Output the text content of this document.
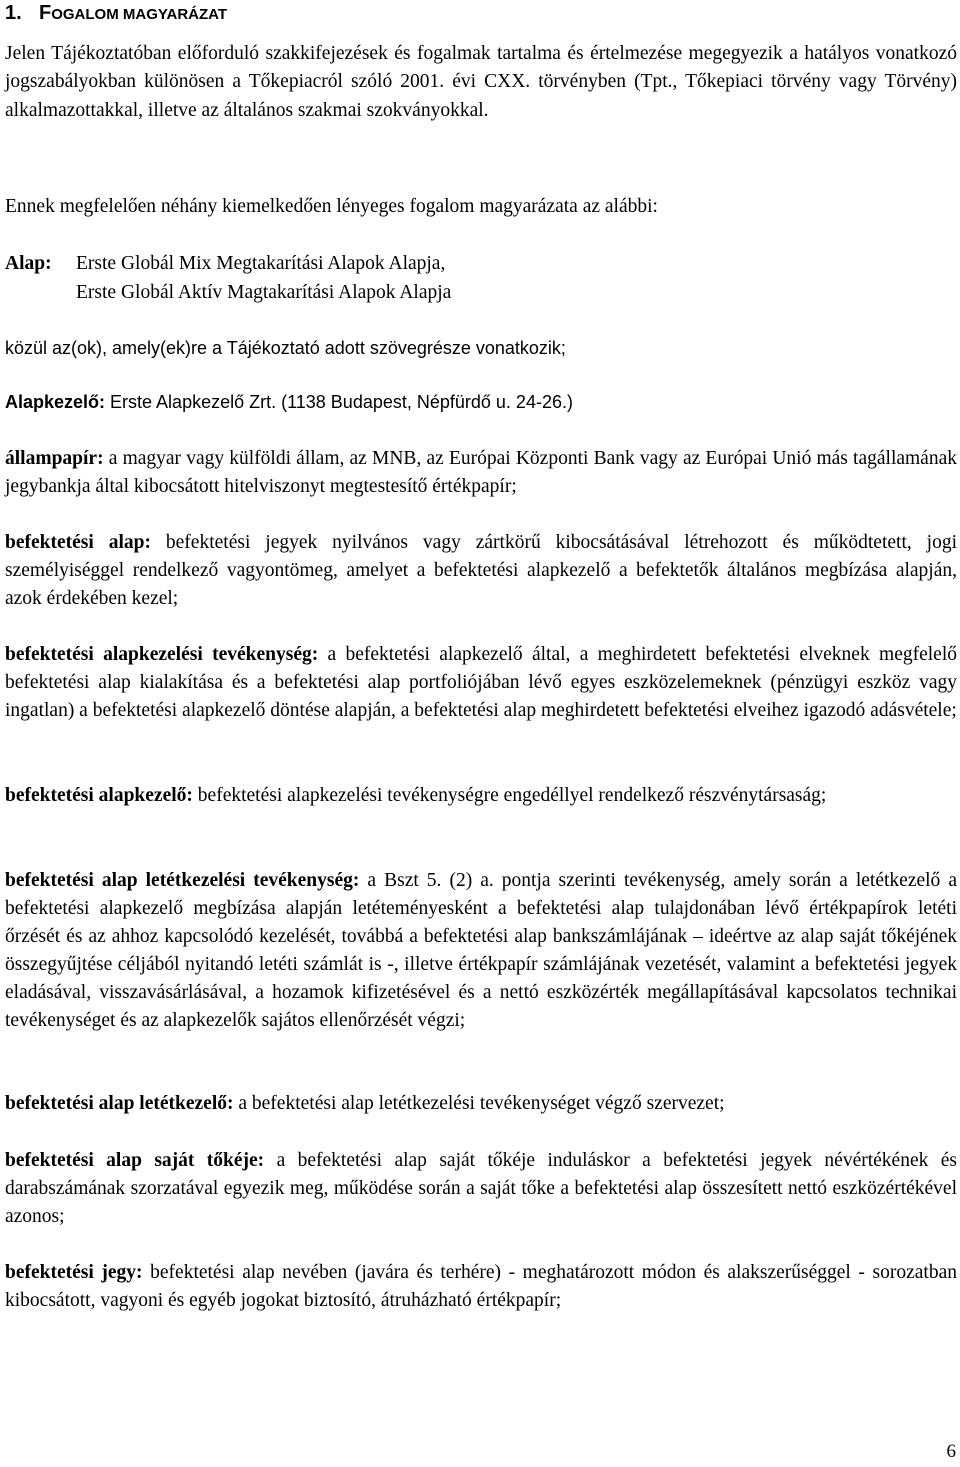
1. FOGALOM MAGYARÁZAT
Jelen Tájékoztatóban előforduló szakkifejezések és fogalmak tartalma és értelmezése megegyezik a hatályos vonatkozó jogszabályokban különösen a Tőkepiacról szóló 2001. évi CXX. törvényben (Tpt., Tőkepiaci törvény vagy Törvény) alkalmazottakkal, illetve az általános szakmai szokványokkal.
Ennek megfelelően néhány kiemelkedően lényeges fogalom magyarázata az alábbi:
Alap:	Erste Globál Mix Megtakarítási Alapok Alapja,
Erste Globál Aktív Magtakarítási Alapok Alapja
közül az(ok), amely(ek)re a Tájékoztató adott szövegrésze vonatkozik;
Alapkezelő: Erste Alapkezelő Zrt. (1138 Budapest, Népfürdő u. 24-26.)
állampapír: a magyar vagy külföldi állam, az MNB, az Európai Központi Bank vagy az Európai Unió más tagállamának jegybankja által kibocsátott hitelviszonyt megtestesítő értékpapír;
befektetési alap: befektetési jegyek nyilvános vagy zártkörű kibocsátásával létrehozott és működtetett, jogi személyiséggel rendelkező vagyontömeg, amelyet a befektetési alapkezelő a befektetők általános megbízása alapján, azok érdekében kezel;
befektetési alapkezelési tevékenység: a befektetési alapkezelő által, a meghirdetett befektetési elveknek megfelelő befektetési alap kialakítása és a befektetési alap portfoliójában lévő egyes eszközelemeknek (pénzügyi eszköz vagy ingatlan) a befektetési alapkezelő döntése alapján, a befektetési alap meghirdetett befektetési elveihez igazodó adásvétele;
befektetési alapkezelő: befektetési alapkezelési tevékenységre engedéllyel rendelkező részvénytársaság;
befektetési alap letétkezelési tevékenység: a Bszt 5. (2) a. pontja szerinti tevékenység, amely során a letétkezelő a befektetési alapkezelő megbízása alapján letéteményesként a befektetési alap tulajdonában lévő értékpapírok letéti őrzését és az ahhoz kapcsolódó kezelését, továbbá a befektetési alap bankszámlájának – ideértve az alap saját tőkéjének összegyűjtése céljából nyitandó letéti számlát is -, illetve értékpapír számlájának vezetését, valamint a befektetési jegyek eladásával, visszavásárlásával, a hozamok kifizetésével és a nettó eszközérték megállapításával kapcsolatos technikai tevékenységet és az alapkezelők sajátos ellenőrzését végzi;
befektetési alap letétkezelő: a befektetési alap letétkezelési tevékenységet végző szervezet;
befektetési alap saját tőkéje: a befektetési alap saját tőkéje induláskor a befektetési jegyek névértékének és darabszámának szorzatával egyezik meg, működése során a saját tőke a befektetési alap összesített nettó eszközértékével azonos;
befektetési jegy: befektetési alap nevében (javára és terhére) - meghatározott módon és alakszerűséggel - sorozatban kibocsátott, vagyoni és egyéb jogokat biztosító, átruházható értékpapír;
6
